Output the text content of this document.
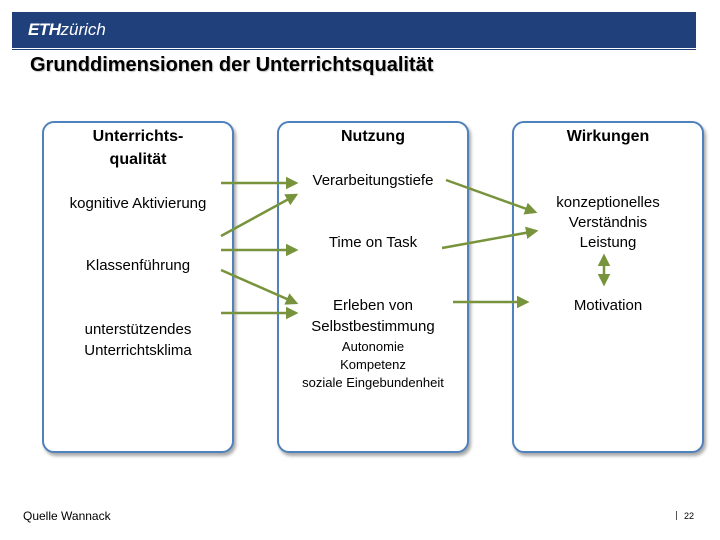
ETHzürich
Grunddimensionen der Unterrichtsqualität
Unterrichts-
qualität
kognitive Aktivierung
Klassenführung
unterstützendes
Unterrichtsklima
Nutzung
Verarbeitungstiefe
Time on Task
Erleben von
Selbstbestimmung
Autonomie
Kompetenz
soziale Eingebundenheit
Wirkungen
konzeptionelles
Verständnis
Leistung
Motivation
Quelle Wannack	22
